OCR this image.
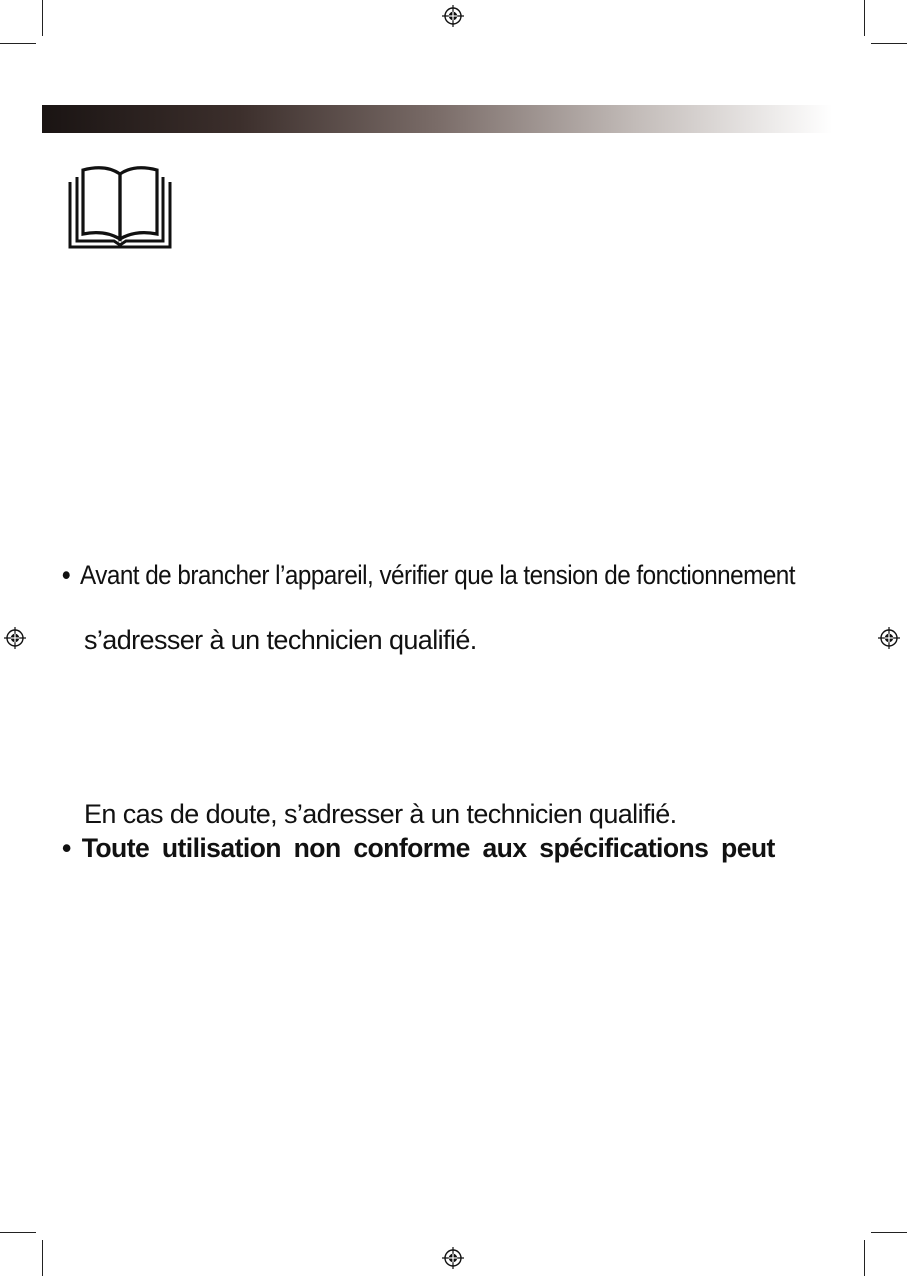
• Avant de brancher l’appareil, vérifier que la tension de fonctionnement
s’adresser à un technicien qualifié.
En cas de doute, s’adresser à un technicien qualifié.
• Toute utilisation non conforme aux spécifications peut
